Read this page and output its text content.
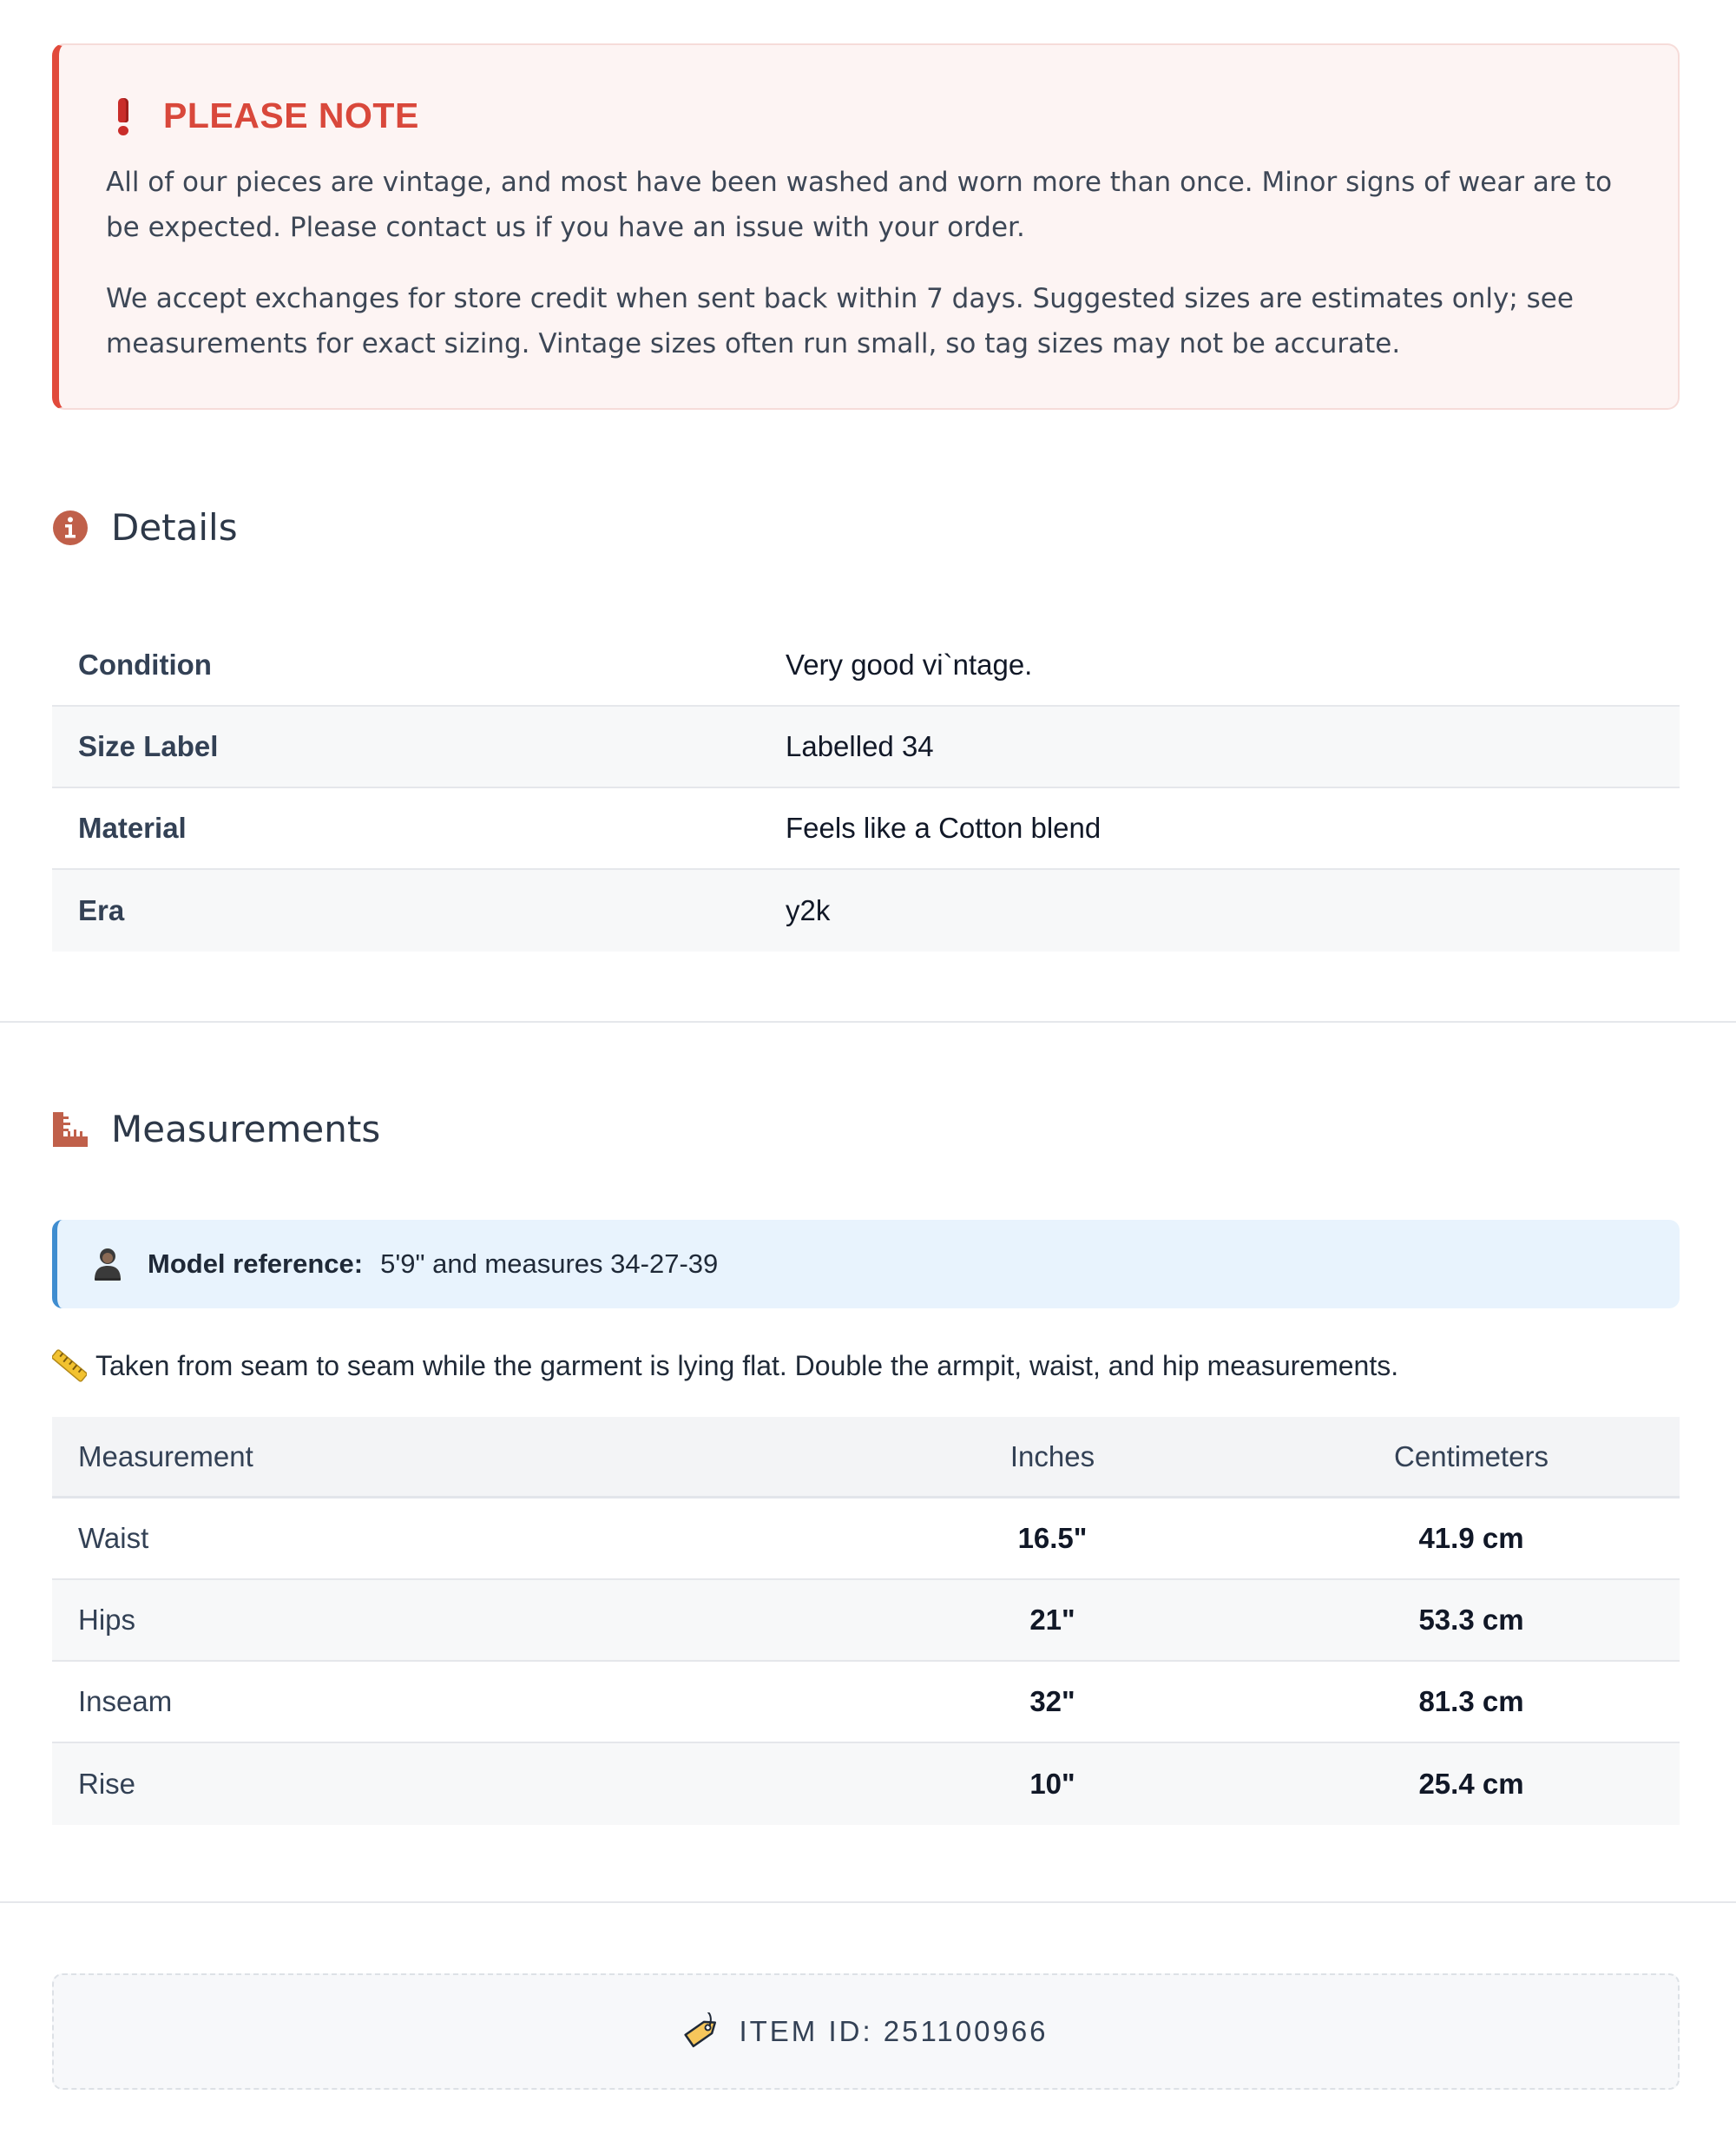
PLEASE NOTE

All of our pieces are vintage, and most have been washed and worn more than once. Minor signs of wear are to be expected. Please contact us if you have an issue with your order.

We accept exchanges for store credit when sent back within 7 days. Suggested sizes are estimates only; see measurements for exact sizing. Vintage sizes often run small, so tag sizes may not be accurate.

Details
Condition	Very good vi`ntage.
Size Label	Labelled 34
Material	Feels like a Cotton blend
Era	y2k
Measurements
Model reference: 5'9" and measures 34-27-39
Taken from seam to seam while the garment is lying flat. Double the armpit, waist, and hip measurements.
Measurement	Inches	Centimeters
Waist	16.5"	41.9 cm
Hips	21"	53.3 cm
Inseam	32"	81.3 cm
Rise	10"	25.4 cm
ITEM ID: 251100966
